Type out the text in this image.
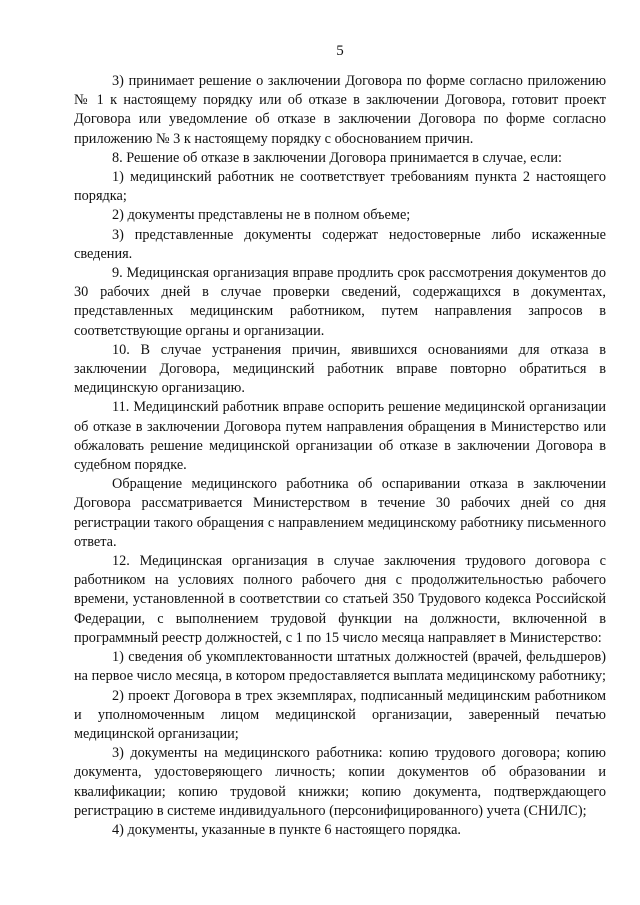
5

3) принимает решение о заключении Договора по форме согласно приложению № 1 к настоящему порядку или об отказе в заключении Договора, готовит проект Договора или уведомление об отказе в заключении Договора по форме согласно приложению № 3 к настоящему порядку с обоснованием причин.

8. Решение об отказе в заключении Договора принимается в случае, если:

1) медицинский работник не соответствует требованиям пункта 2 настоящего порядка;

2) документы представлены не в полном объеме;

3) представленные документы содержат недостоверные либо искаженные сведения.

9. Медицинская организация вправе продлить срок рассмотрения документов до 30 рабочих дней в случае проверки сведений, содержащихся в документах, представленных медицинским работником, путем направления запросов в соответствующие органы и организации.

10. В случае устранения причин, явившихся основаниями для отказа в заключении Договора, медицинский работник вправе повторно обратиться в медицинскую организацию.

11. Медицинский работник вправе оспорить решение медицинской организации об отказе в заключении Договора путем направления обращения в Министерство или обжаловать решение медицинской организации об отказе в заключении Договора в судебном порядке.

Обращение медицинского работника об оспаривании отказа в заключении Договора рассматривается Министерством в течение 30 рабочих дней со дня регистрации такого обращения с направлением медицинскому работнику письменного ответа.

12. Медицинская организация в случае заключения трудового договора с работником на условиях полного рабочего дня с продолжительностью рабочего времени, установленной в соответствии со статьей 350 Трудового кодекса Российской Федерации, с выполнением трудовой функции на должности, включенной в программный реестр должностей, с 1 по 15 число месяца направляет в Министерство:

1) сведения об укомплектованности штатных должностей (врачей, фельдшеров) на первое число месяца, в котором предоставляется выплата медицинскому работнику;

2) проект Договора в трех экземплярах, подписанный медицинским работником и уполномоченным лицом медицинской организации, заверенный печатью медицинской организации;

3) документы на медицинского работника: копию трудового договора; копию документа, удостоверяющего личность; копии документов об образовании и квалификации; копию трудовой книжки; копию документа, подтверждающего регистрацию в системе индивидуального (персонифицированного) учета (СНИЛС);

4) документы, указанные в пункте 6 настоящего порядка.
